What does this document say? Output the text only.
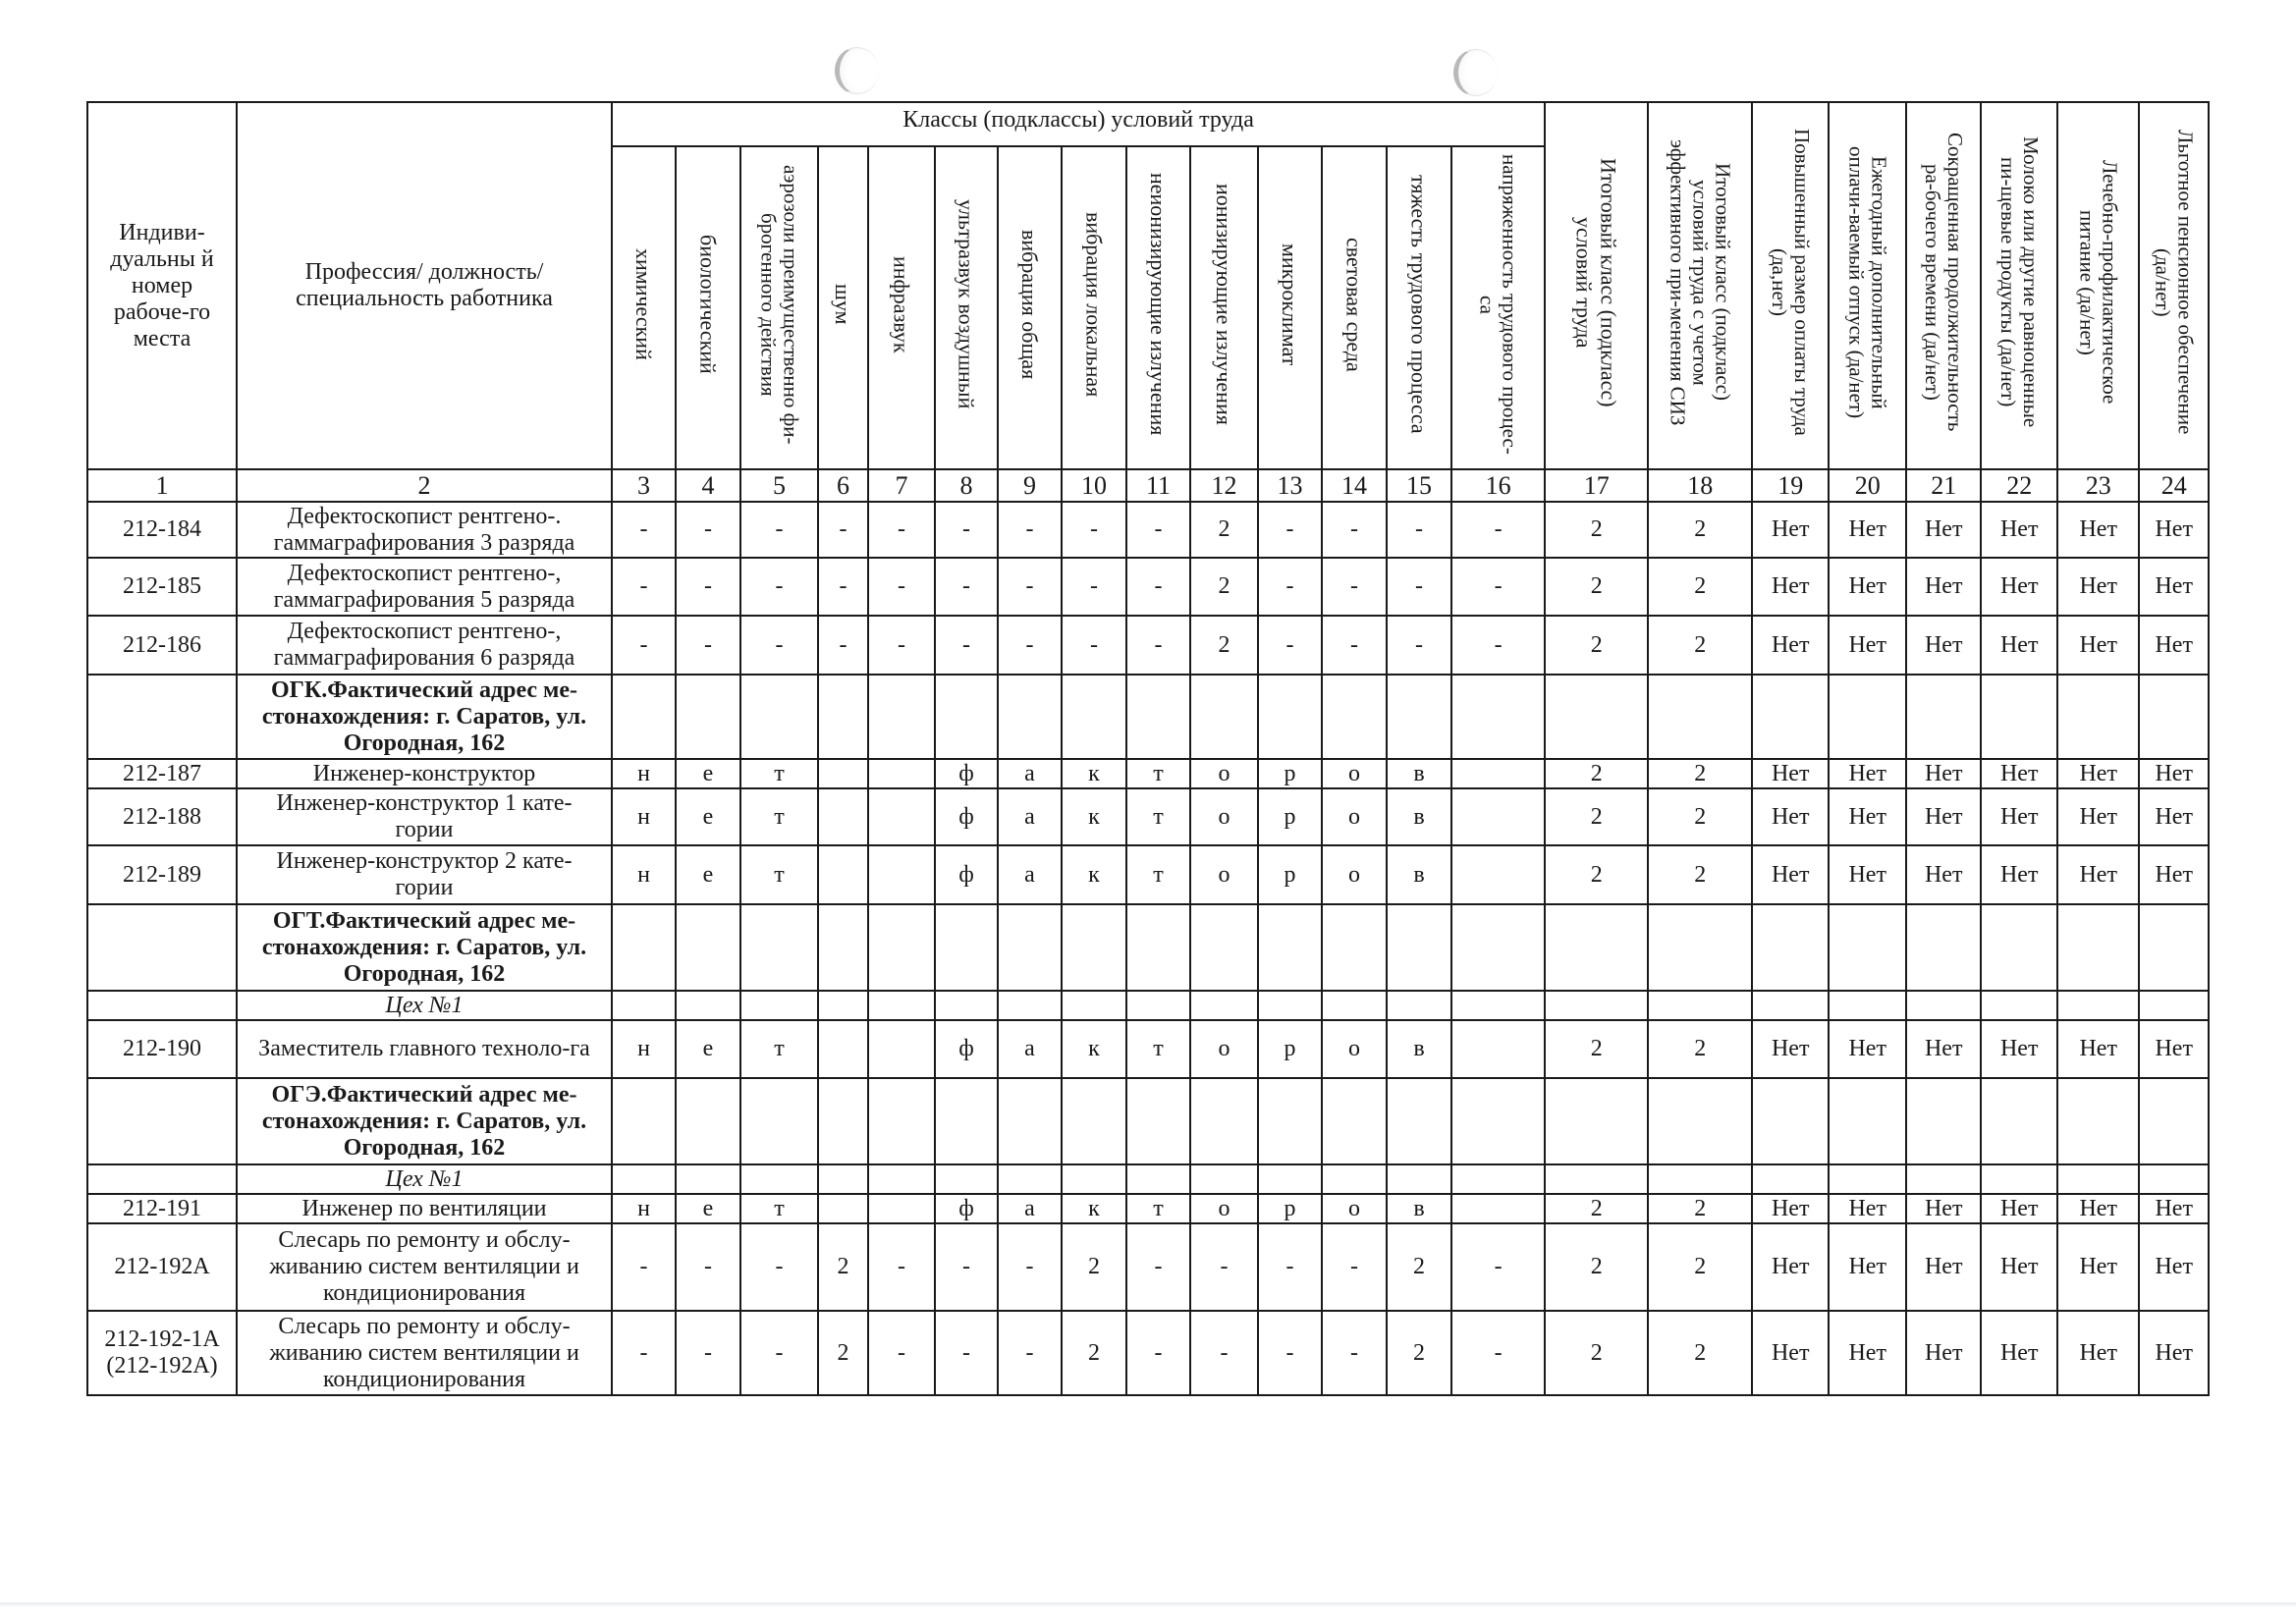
Индиви-дуальны й номер рабоче-го места	Профессия/ должность/ специальность работника	Классы (подклассы) условий труда														Итоговый класс (подкласс) условий труда	Итоговый класс (подкласс) условий труда с учетом эффективного при-менения СИЗ	Повышенный размер оплаты труда (да,нет)	Ежегодный дополнительный оплачи-ваемый отпуск (да/нет)	Сокращенная продолжительность ра-бочего времени (да/нет)	Молоко или другие равноценные пи-щевые продукты (да/нет)	Лечебно-профилактическое питание (да/нет)	Льготное пенсионное обеспечение (да/нет)
		химический	биологический	аэрозоли преимущественно фи-брогенного действия	шум	инфразвук	ультразвук воздушный	вибрация общая	вибрация локальная	неионизирующие излучения	ионизирующие излучения	микроклимат	световая среда	тяжесть трудового процесса	напряженность трудового процес-са								
1	2	3	4	5	6	7	8	9	10	11	12	13	14	15	16	17	18	19	20	21	22	23	24
212-184	Дефектоскопист рентгено-. гаммаграфирования 3 разряда	-	-	-	-	-	-	-	-	-	2	-	-	-	-	2	2	Нет	Нет	Нет	Нет	Нет	Нет
212-185	Дефектоскопист рентгено-, гаммаграфирования 5 разряда	-	-	-	-	-	-	-	-	-	2	-	-	-	-	2	2	Нет	Нет	Нет	Нет	Нет	Нет
212-186	Дефектоскопист рентгено-, гаммаграфирования 6 разряда	-	-	-	-	-	-	-	-	-	2	-	-	-	-	2	2	Нет	Нет	Нет	Нет	Нет	Нет
	ОГК.Фактический адрес ме-стонахождения: г. Саратов, ул. Огородная, 162																						
212-187	Инженер-конструктор	н	е	т			ф	а	к	т	о	р	о	в		2	2	Нет	Нет	Нет	Нет	Нет	Нет
212-188	Инженер-конструктор 1 кате-гории	н	е	т			ф	а	к	т	о	р	о	в		2	2	Нет	Нет	Нет	Нет	Нет	Нет
212-189	Инженер-конструктор 2 кате-гории	н	е	т			ф	а	к	т	о	р	о	в		2	2	Нет	Нет	Нет	Нет	Нет	Нет
	ОГТ.Фактический адрес ме-стонахождения: г. Саратов, ул. Огородная, 162																						
	Цех №1																						
212-190	Заместитель главного техноло-га	н	е	т			ф	а	к	т	о	р	о	в		2	2	Нет	Нет	Нет	Нет	Нет	Нет
	ОГЭ.Фактический адрес ме-стонахождения: г. Саратов, ул. Огородная, 162																						
	Цех №1																						
212-191	Инженер по вентиляции	н	е	т			ф	а	к	т	о	р	о	в		2	2	Нет	Нет	Нет	Нет	Нет	Нет
212-192А	Слесарь по ремонту и обслу-живанию систем вентиляции и кондиционирования	-	-	-	2	-	-	-	2	-	-	-	-	2	-	2	2	Нет	Нет	Нет	Нет	Нет	Нет
212-192-1А (212-192А)	Слесарь по ремонту и обслу-живанию систем вентиляции и кондиционирования	-	-	-	2	-	-	-	2	-	-	-	-	2	-	2	2	Нет	Нет	Нет	Нет	Нет	Нет
